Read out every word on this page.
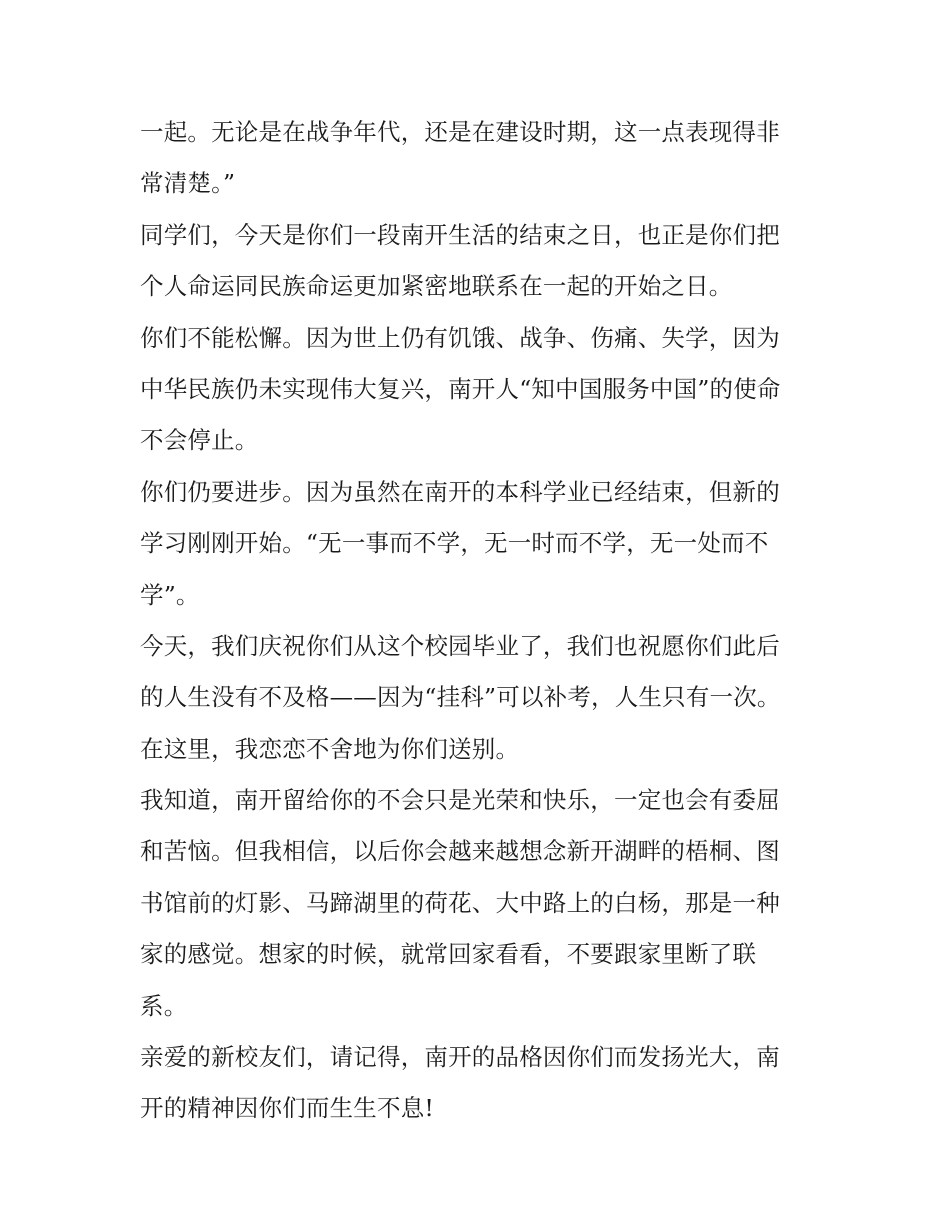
一起。无论是在战争年代，还是在建设时期，这一点表现得非
常清楚。”
同学们，今天是你们一段南开生活的结束之日，也正是你们把
个人命运同民族命运更加紧密地联系在一起的开始之日。
你们不能松懈。因为世上仍有饥饿、战争、伤痛、失学，因为
中华民族仍未实现伟大复兴，南开人“知中国服务中国”的使命
不会停止。
你们仍要进步。因为虽然在南开的本科学业已经结束，但新的
学习刚刚开始。“无一事而不学，无一时而不学，无一处而不
学”。
今天，我们庆祝你们从这个校园毕业了，我们也祝愿你们此后
的人生没有不及格——因为“挂科”可以补考，人生只有一次。
在这里，我恋恋不舍地为你们送别。
我知道，南开留给你的不会只是光荣和快乐，一定也会有委屈
和苦恼。但我相信，以后你会越来越想念新开湖畔的梧桐、图
书馆前的灯影、马蹄湖里的荷花、大中路上的白杨，那是一种
家的感觉。想家的时候，就常回家看看，不要跟家里断了联
系。
亲爱的新校友们，请记得，南开的品格因你们而发扬光大，南
开的精神因你们而生生不息!
